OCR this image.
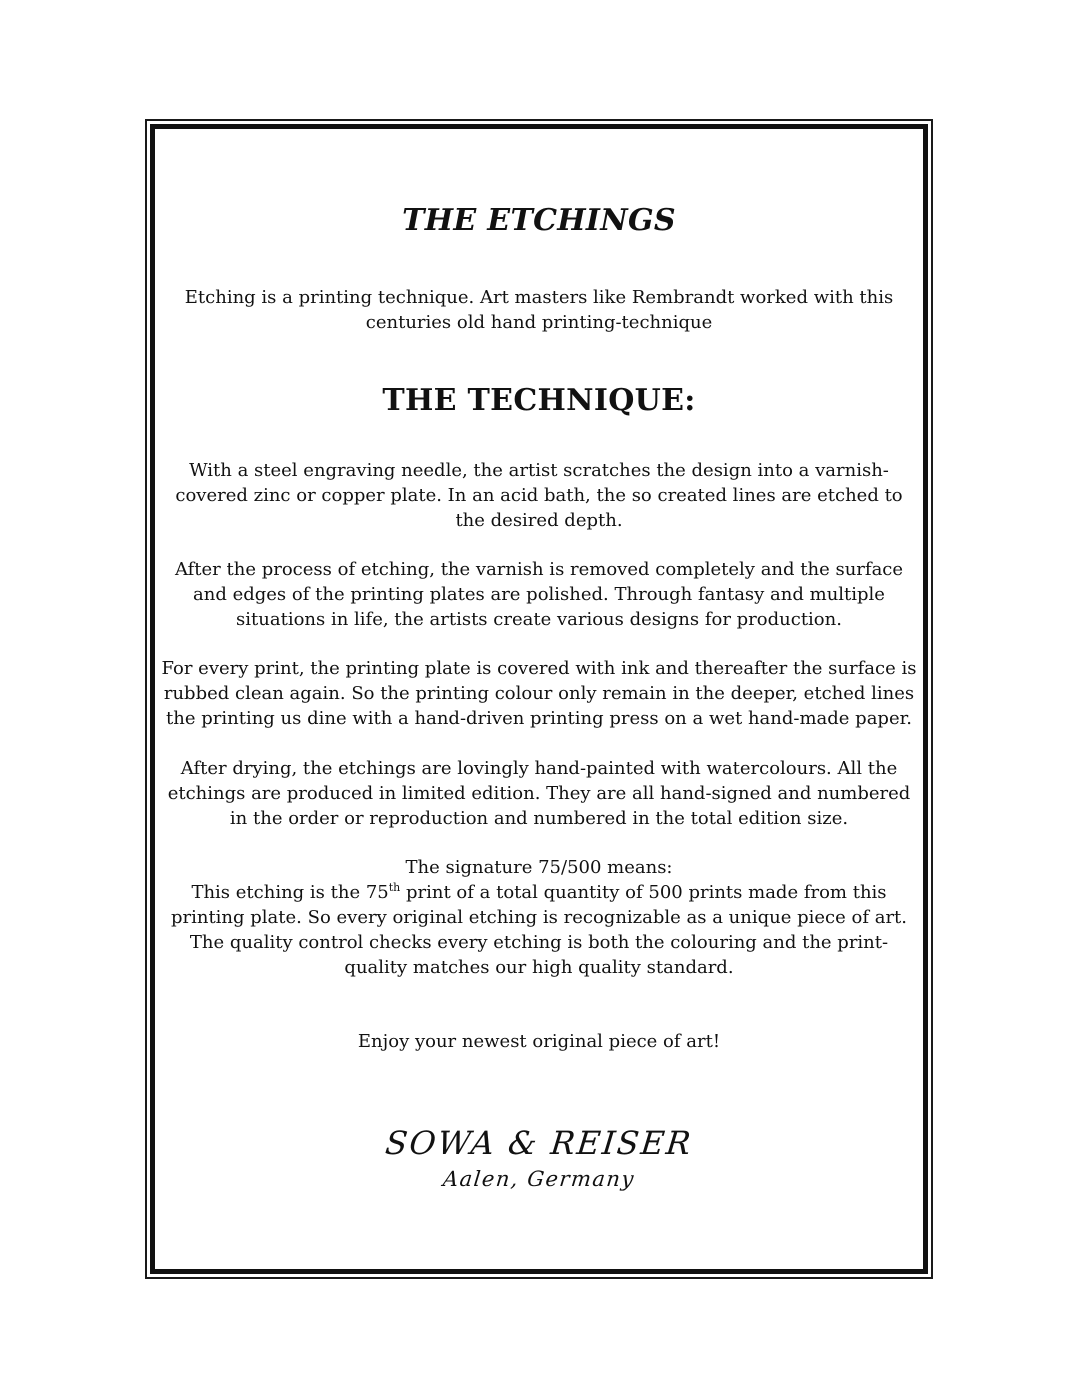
THE ETCHINGS
Etching is a printing technique. Art masters like Rembrandt worked with this centuries old hand printing-technique
THE TECHNIQUE:
With a steel engraving needle, the artist scratches the design into a varnish-covered zinc or copper plate. In an acid bath, the so created lines are etched to the desired depth.
After the process of etching, the varnish is removed completely and the surface and edges of the printing plates are polished. Through fantasy and multiple situations in life, the artists create various designs for production.
For every print, the printing plate is covered with ink and thereafter the surface is rubbed clean again. So the printing colour only remain in the deeper, etched lines the printing us dine with a hand-driven printing press on a wet hand-made paper.
After drying, the etchings are lovingly hand-painted with watercolours. All the etchings are produced in limited edition. They are all hand-signed and numbered in the order or reproduction and numbered in the total edition size.
The signature 75/500 means:
This etching is the 75th print of a total quantity of 500 prints made from this printing plate. So every original etching is recognizable as a unique piece of art.
The quality control checks every etching is both the colouring and the print-quality matches our high quality standard.
Enjoy your newest original piece of art!
SOWA & REISER
Aalen, Germany
